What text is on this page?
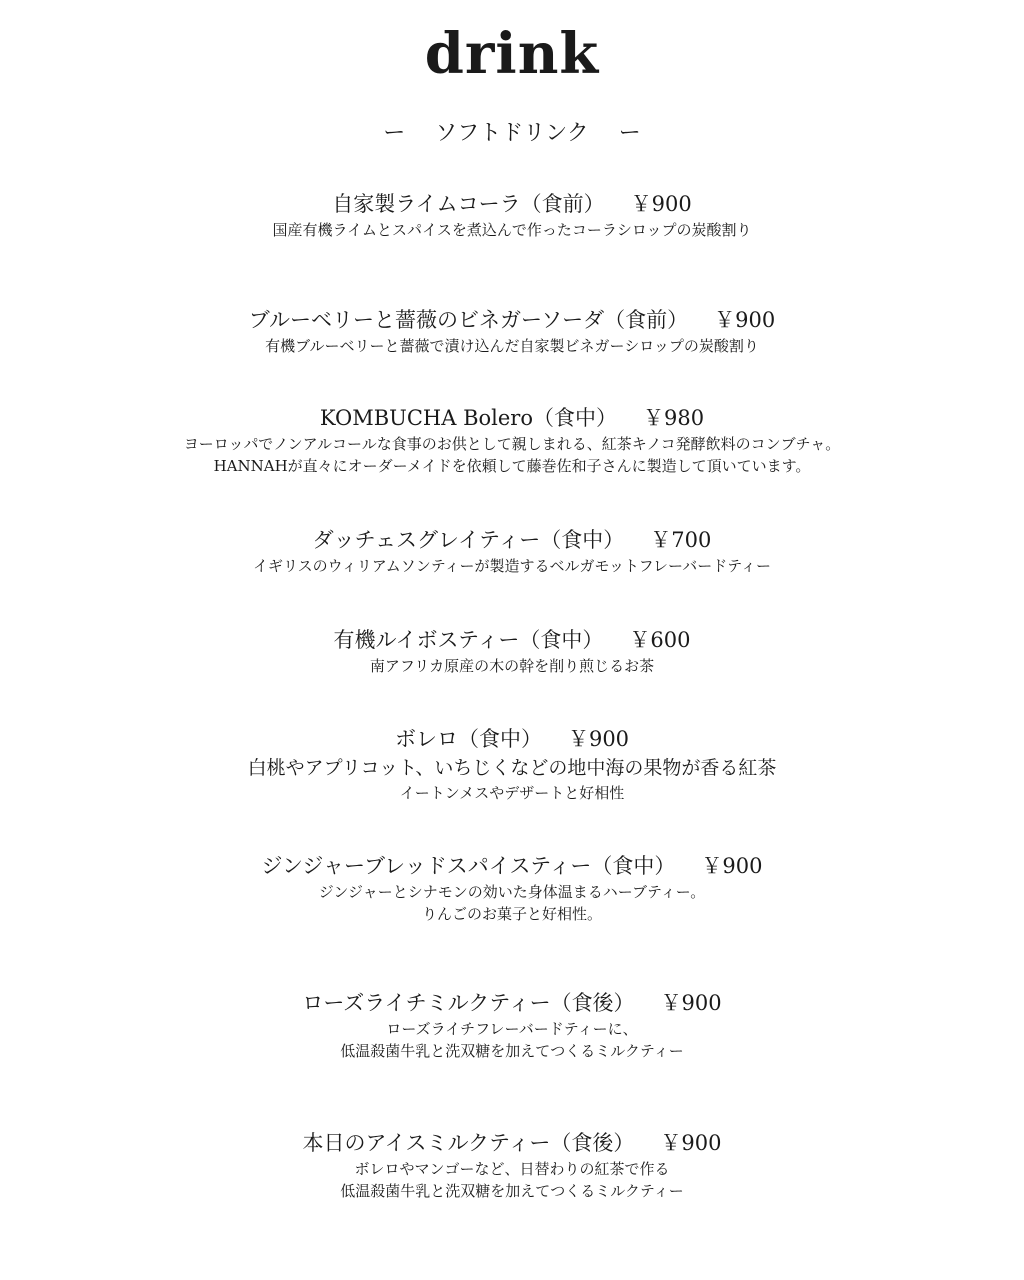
drink
ー ソフトドリンク ー
自家製ライムコーラ（食前） ￥900
国産有機ライムとスパイスを煮込んで作ったコーラシロップの炭酸割り
ブルーベリーと薔薇のビネガーソーダ（食前） ￥900
有機ブルーベリーと薔薇で漬け込んだ自家製ビネガーシロップの炭酸割り
KOMBUCHA Bolero（食中） ￥980
ヨーロッパでノンアルコールな食事のお供として親しまれる、紅茶キノコ発酵飲料のコンブチャ。
HANNAHが直々にオーダーメイドを依頼して藤巻佐和子さんに製造して頂いています。
ダッチェスグレイティー（食中） ￥700
イギリスのウィリアムソンティーが製造するベルガモットフレーバードティー
有機ルイボスティー（食中） ￥600
南アフリカ原産の木の幹を削り煎じるお茶
ボレロ（食中） ￥900
白桃やアプリコット、いちじくなどの地中海の果物が香る紅茶
イートンメスやデザートと好相性
ジンジャーブレッドスパイスティー（食中） ￥900
ジンジャーとシナモンの効いた身体温まるハーブティー。
りんごのお菓子と好相性。
ローズライチミルクティー（食後） ￥900
ローズライチフレーバードティーに、
低温殺菌牛乳と洗双糖を加えてつくるミルクティー
本日のアイスミルクティー（食後） ￥900
ボレロやマンゴーなど、日替わりの紅茶で作る
低温殺菌牛乳と洗双糖を加えてつくるミルクティー
